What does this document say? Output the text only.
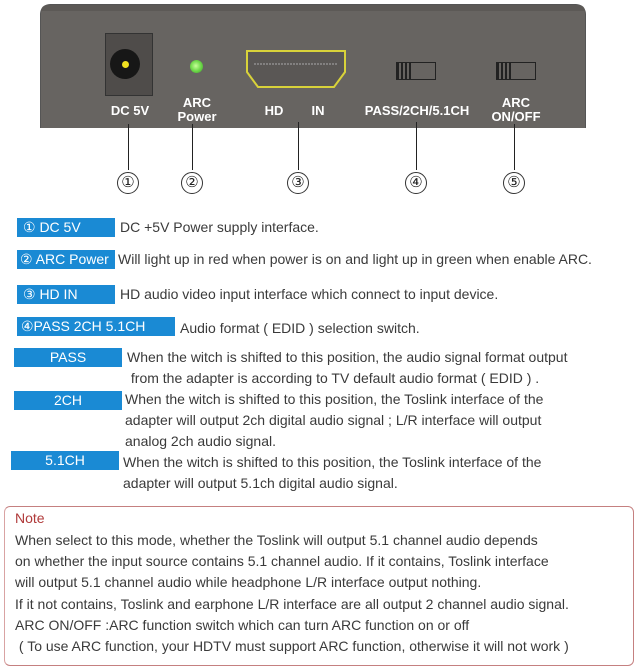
DC 5V
ARC
Power	HD	IN	PASS/2CH/5.1CH
ARC
ON/OFF
①	②	③	④	⑤
① DC 5V	DC +5V Power supply interface.
② ARC Power Will light up in red when power is on and light up in green when enable ARC.
③ HD IN	HD audio video input interface which connect to input device.
④PASS 2CH 5.1CH	Audio format ( EDID ) selection switch.
PASS	When the witch is shifted to this position, the audio signal format output
from the adapter is according to TV default audio format ( EDID ) .
2CH	When the witch is shifted to this position, the Toslink interface of the
adapter will output 2ch digital audio signal ; L/R interface will output
analog 2ch audio signal.
5.1CH	When the witch is shifted to this position, the Toslink interface of the
adapter will output 5.1ch digital audio signal.
Note
When select to this mode, whether the Toslink will output 5.1 channel audio depends
on whether the input source contains 5.1 channel audio. If it contains, Toslink interface
will output 5.1 channel audio while headphone L/R interface output nothing.
If it not contains, Toslink and earphone L/R interface are all output 2 channel audio signal.
ARC ON/OFF :ARC function switch which can turn ARC function on or off
( To use ARC function, your HDTV must support ARC function, otherwise it will not work )
